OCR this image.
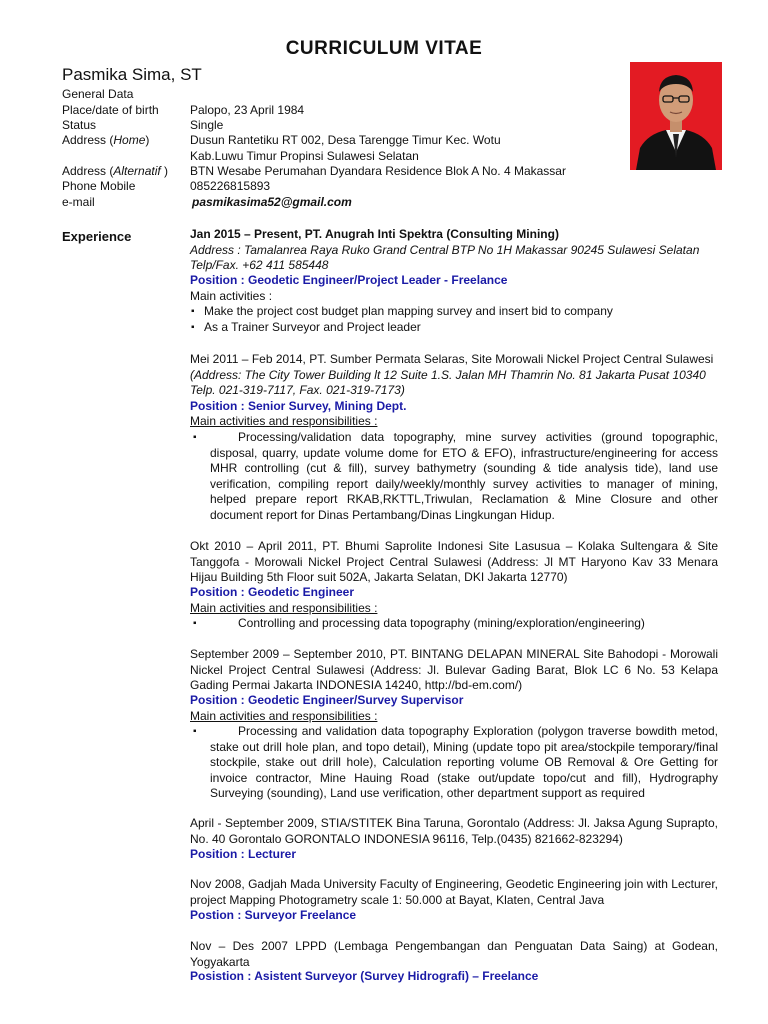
CURRICULUM VITAE
Pasmika Sima, ST
General Data
Place/date of birth	Palopo, 23 April 1984
Status	Single
Address (Home)	Dusun Rantetiku RT 002, Desa Tarengge Timur Kec. Wotu
Kab.Luwu Timur Propinsi Sulawesi Selatan
Address (Alternatif ) BTN Wesabe Perumahan Dyandara Residence Blok A No. 4 Makassar
Phone Mobile	085226815893
e-mail	pasmikasima52@gmail.com
Experience	Jan 2015 – Present, PT. Anugrah Inti Spektra (Consulting Mining)
Address : Tamalanrea Raya Ruko Grand Central BTP No 1H Makassar 90245 Sulawesi Selatan
Telp/Fax. +62 411 585448
Position : Geodetic Engineer/Project Leader - Freelance
Main activities :
▪ Make the project cost budget plan mapping survey and insert bid to company
▪ As a Trainer Surveyor and Project leader
Mei 2011 – Feb 2014, PT. Sumber Permata Selaras, Site Morowali Nickel Project Central Sulawesi
(Address: The City Tower Building lt 12 Suite 1.S. Jalan MH Thamrin No. 81 Jakarta Pusat 10340
Telp. 021-319-7117, Fax. 021-319-7173)
Position : Senior Survey, Mining Dept.
Main activities and responsibilities :
▪	Processing/validation data topography, mine survey activities (ground topographic, disposal, quarry, update volume dome for ETO & EFO), infrastructure/engineering for access MHR controlling (cut & fill), survey bathymetry (sounding & tide analysis tide), land use verification, compiling report daily/weekly/monthly survey activities to manager of mining, helped prepare report RKAB,RKTTL,Triwulan, Reclamation & Mine Closure and other document report for Dinas Pertambang/Dinas Lingkungan Hidup.
Okt 2010 – April 2011, PT. Bhumi Saprolite Indonesi Site Lasusua – Kolaka Sultengara & Site Tanggofa - Morowali Nickel Project Central Sulawesi (Address: Jl MT Haryono Kav 33 Menara Hijau Building 5th Floor suit 502A, Jakarta Selatan, DKI Jakarta 12770)
Position : Geodetic Engineer
Main activities and responsibilities :
▪	Controlling and processing data topography (mining/exploration/engineering)
September 2009 – September 2010, PT. BINTANG DELAPAN MINERAL Site Bahodopi - Morowali Nickel Project Central Sulawesi (Address: Jl. Bulevar Gading Barat, Blok LC 6 No. 53 Kelapa Gading Permai Jakarta INDONESIA 14240, http://bd-em.com/)
Position : Geodetic Engineer/Survey Supervisor
Main activities and responsibilities :
▪	Processing and validation data topography Exploration (polygon traverse bowdith metod, stake out drill hole plan, and topo detail), Mining (update topo pit area/stockpile temporary/final stockpile, stake out drill hole), Calculation reporting volume OB Removal & Ore Getting for invoice contractor, Mine Hauing Road (stake out/update topo/cut and fill), Hydrography Surveying (sounding), Land use verification, other department support as required
April - September 2009, STIA/STITEK Bina Taruna, Gorontalo (Address: Jl. Jaksa Agung Suprapto, No. 40 Gorontalo GORONTALO INDONESIA 96116, Telp.(0435) 821662-823294)
Position : Lecturer
Nov 2008, Gadjah Mada University Faculty of Engineering, Geodetic Engineering join with Lecturer, project Mapping Photogrametry scale 1: 50.000 at Bayat, Klaten, Central Java
Postion : Surveyor Freelance
Nov – Des 2007 LPPD (Lembaga Pengembangan dan Penguatan Data Saing) at Godean, Yogyakarta
Posistion : Asistent Surveyor (Survey Hidrografi) – Freelance
